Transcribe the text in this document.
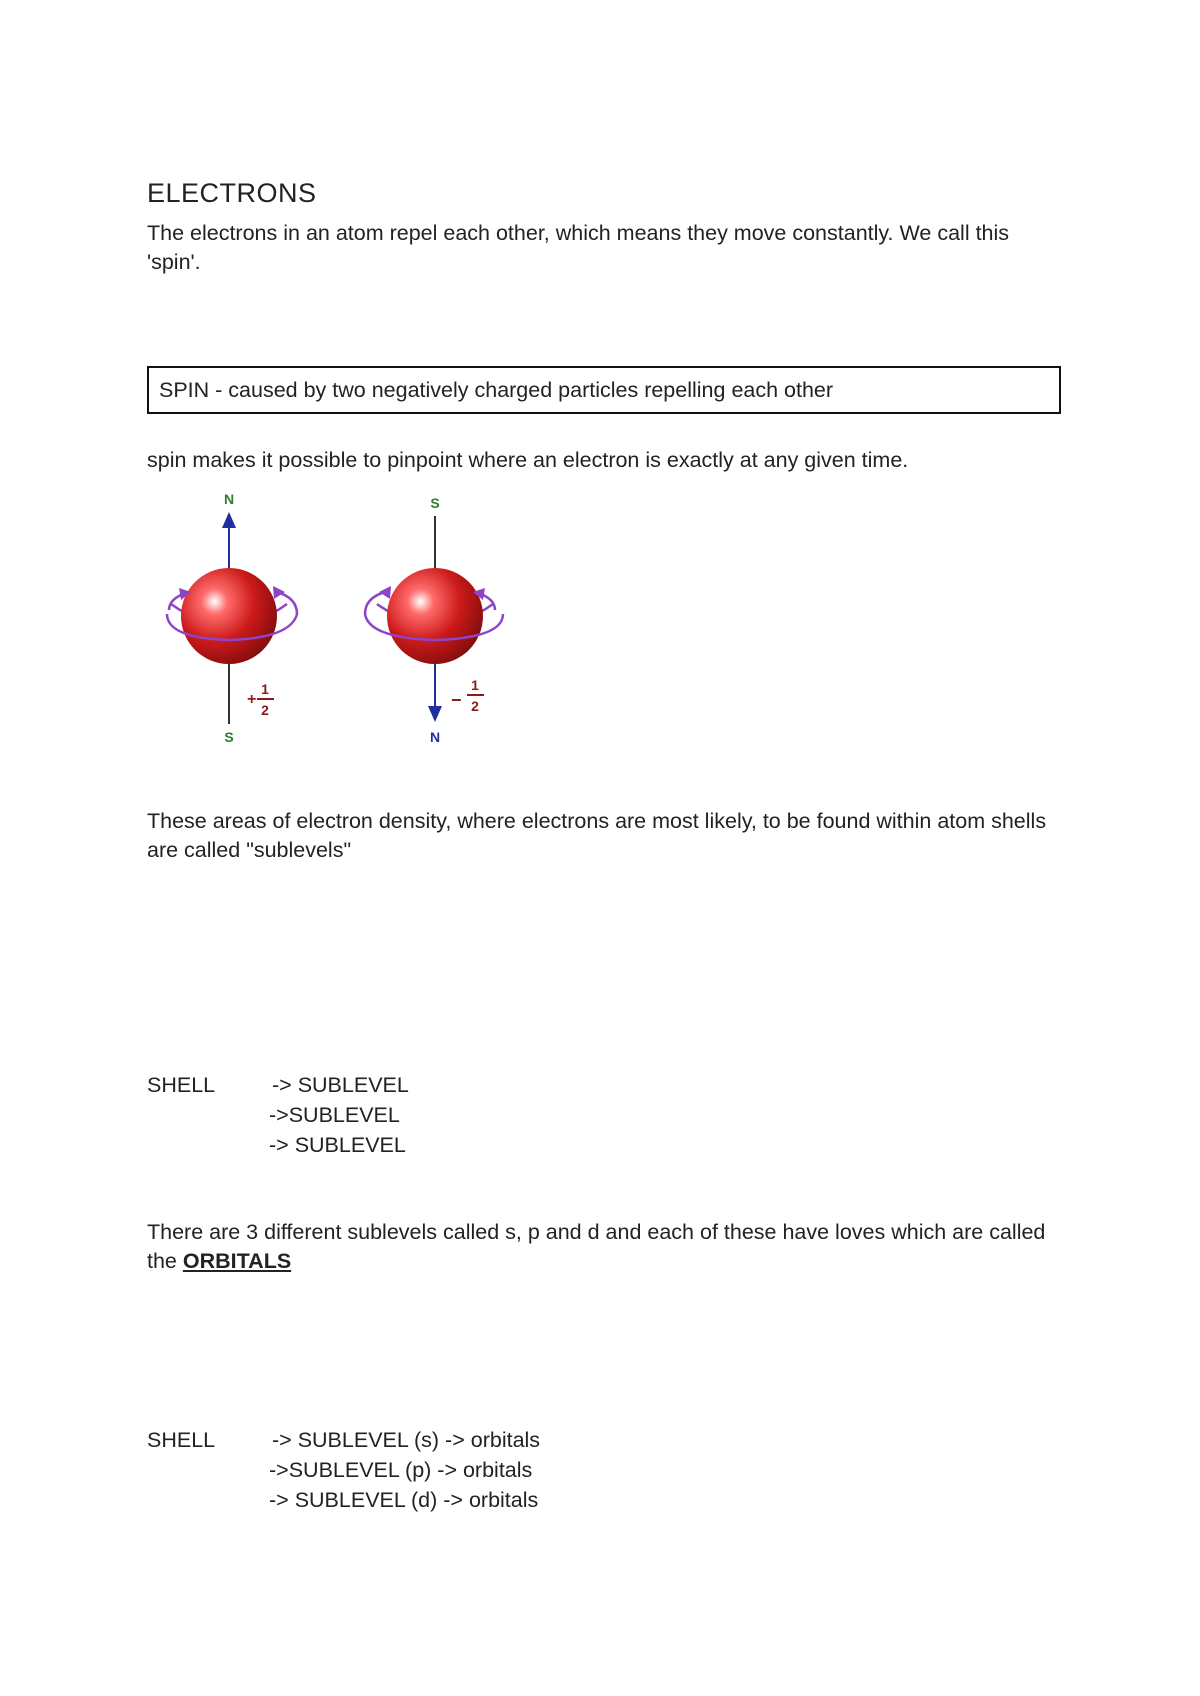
ELECTRONS
The electrons in an atom repel each other, which means they move constantly. We call this 'spin'.
SPIN - caused by two negatively charged particles repelling each other
spin makes it possible to pinpoint where an electron is exactly at any given time.
N
S
+
1
2
S
N
−
1
2
These areas of electron density, where electrons are most likely, to be found within atom shells are called "sublevels"

SHELL

	-> SUBLEVEL

->SUBLEVEL

-> SUBLEVEL

There are 3 different sublevels called s, p and d and each of these have loves which are called the ORBITALS

SHELL

	-> SUBLEVEL (s) -> orbitals

->SUBLEVEL (p) -> orbitals

-> SUBLEVEL (d) -> orbitals
